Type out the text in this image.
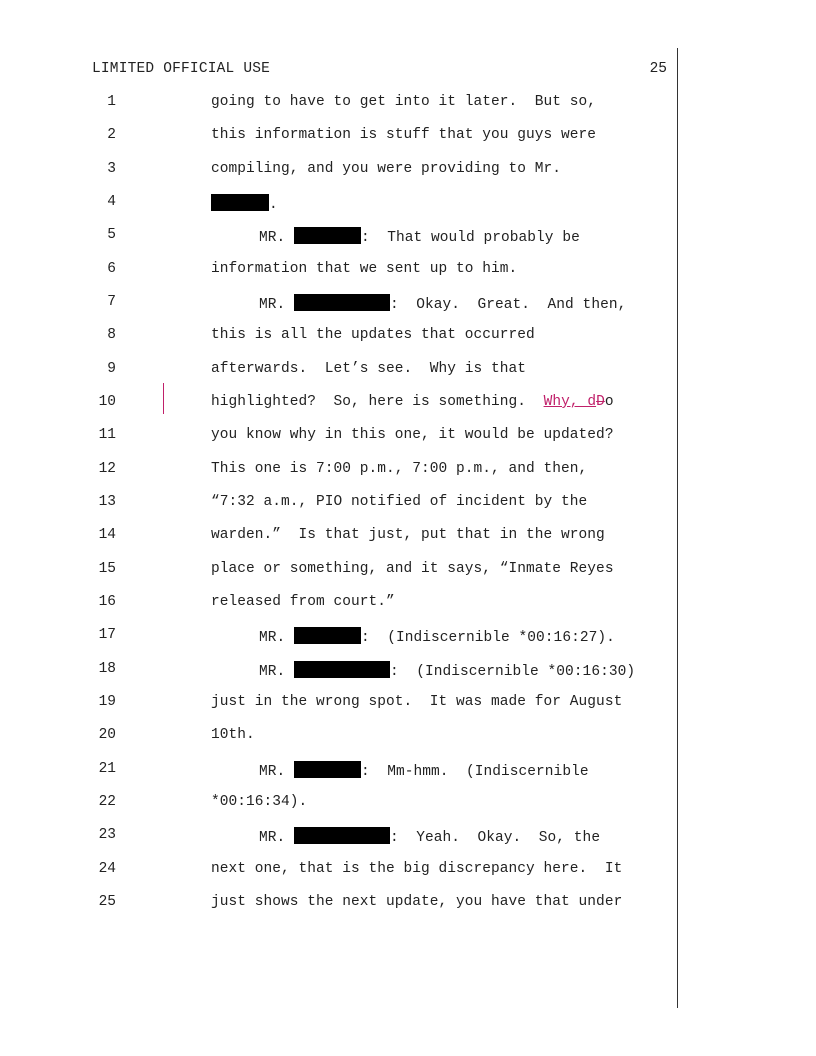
LIMITED OFFICIAL USE	25
1	going to have to get into it later.  But so,
2	this information is stuff that you guys were
3	compiling, and you were providing to Mr.
4	.
5	MR.	:  That would probably be
6	information that we sent up to him.
7	MR.	:  Okay.  Great.  And then,
8	this is all the updates that occurred
9	afterwards.  Let’s see.  Why is that
10	highlighted?  So, here is something.  Why, dDo
11	you know why in this one, it would be updated?
12	This one is 7:00 p.m., 7:00 p.m., and then,
13	“7:32 a.m., PIO notified of incident by the
14	warden.”  Is that just, put that in the wrong
15	place or something, and it says, “Inmate Reyes
16	released from court.”
17	MR.	:  (Indiscernible *00:16:27).
18	MR.	:  (Indiscernible *00:16:30)
19	just in the wrong spot.  It was made for August
20	10th.
21	MR.	:  Mm-hmm.  (Indiscernible
22	*00:16:34).
23	MR.	:  Yeah.  Okay.  So, the
24	next one, that is the big discrepancy here.  It
25	just shows the next update, you have that under
